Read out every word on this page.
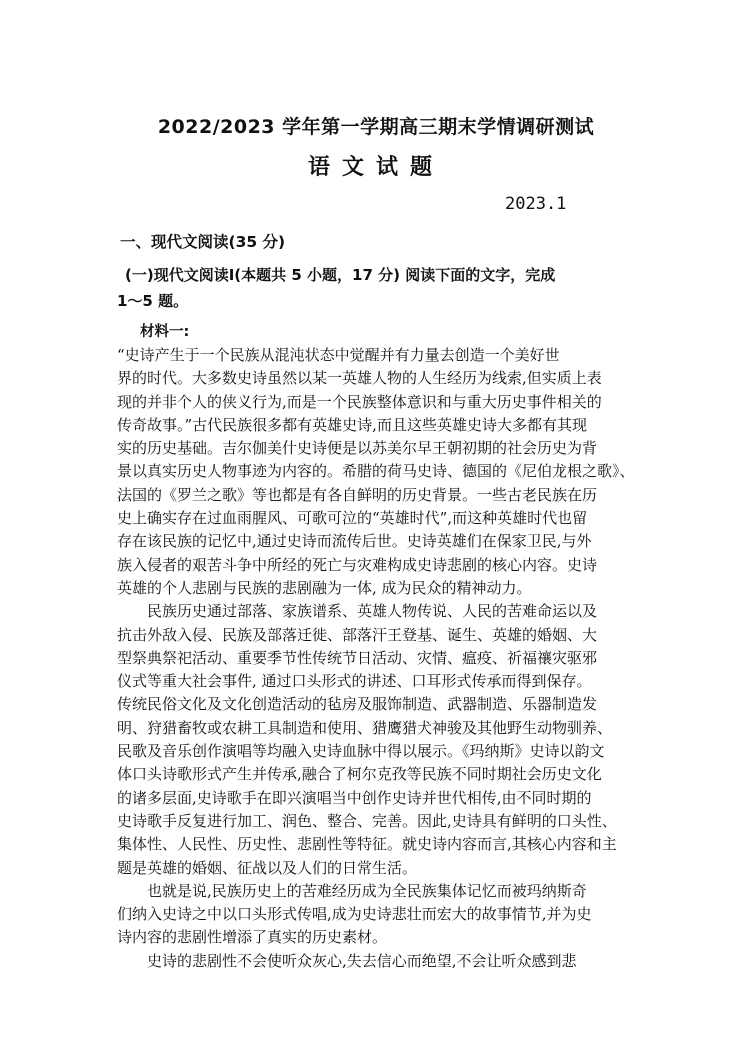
2022/2023 学年第一学期高三期末学情调研测试
语文试题
2023.1
一、现代文阅读(35 分)
(一)现代文阅读Ⅰ(本题共 5 小题，17 分) 阅读下面的文字，完成
1～5 题。
材料一:
“史诗产生于一个民族从混沌状态中觉醒并有力量去创造一个美好世
界的时代。大多数史诗虽然以某一英雄人物的人生经历为线索,但实质上表
现的并非个人的侠义行为,而是一个民族整体意识和与重大历史事件相关的
传奇故事。”古代民族很多都有英雄史诗,而且这些英雄史诗大多都有其现
实的历史基础。吉尔伽美什史诗便是以苏美尔早王朝初期的社会历史为背
景以真实历史人物事迹为内容的。希腊的荷马史诗、德国的《尼伯龙根之歌》、
法国的《罗兰之歌》等也都是有各自鲜明的历史背景。一些古老民族在历
史上确实存在过血雨腥风、可歌可泣的“英雄时代”,而这种英雄时代也留
存在该民族的记忆中,通过史诗而流传后世。史诗英雄们在保家卫民,与外
族入侵者的艰苦斗争中所经的死亡与灾难构成史诗悲剧的核心内容。史诗
英雄的个人悲剧与民族的悲剧融为一体, 成为民众的精神动力。
　　民族历史通过部落、家族谱系、英雄人物传说、人民的苦难命运以及
抗击外敌入侵、民族及部落迁徙、部落汗王登基、诞生、英雄的婚姻、大
型祭典祭祀活动、重要季节性传统节日活动、灾情、瘟疫、祈福禳灾驱邪
仪式等重大社会事件, 通过口头形式的讲述、口耳形式传承而得到保存。
传统民俗文化及文化创造活动的毡房及服饰制造、武器制造、乐器制造发
明、狩猎畜牧或农耕工具制造和使用、猎鹰猎犬神骏及其他野生动物驯养、
民歌及音乐创作演唱等均融入史诗血脉中得以展示。《玛纳斯》史诗以韵文
体口头诗歌形式产生并传承,融合了柯尔克孜等民族不同时期社会历史文化
的诸多层面,史诗歌手在即兴演唱当中创作史诗并世代相传,由不同时期的
史诗歌手反复进行加工、润色、整合、完善。因此,史诗具有鲜明的口头性、
集体性、人民性、历史性、悲剧性等特征。就史诗内容而言,其核心内容和主
题是英雄的婚姻、征战以及人们的日常生活。
　　也就是说,民族历史上的苦难经历成为全民族集体记忆而被玛纳斯奇
们纳入史诗之中以口头形式传唱,成为史诗悲壮而宏大的故事情节,并为史
诗内容的悲剧性增添了真实的历史素材。
　　史诗的悲剧性不会使听众灰心,失去信心而绝望,不会让听众感到悲
